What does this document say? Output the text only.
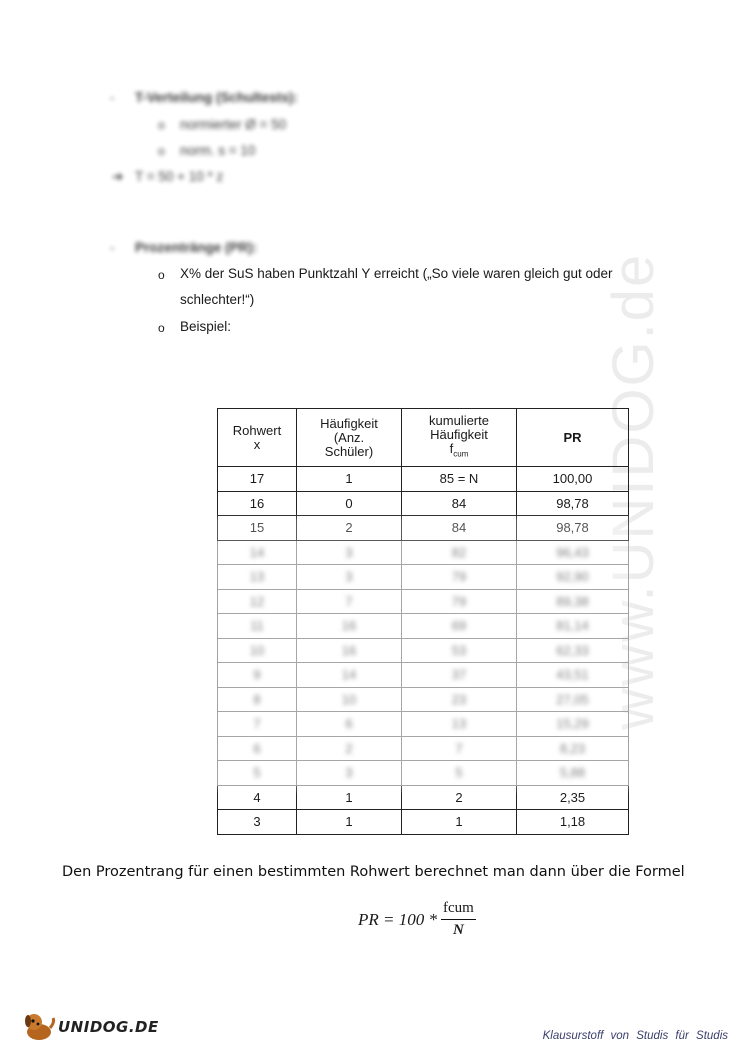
www.UNIDOG.de
- T-Verteilung (Schultests):
o normierter Ø = 50
o norm. s = 10
➔ T = 50 + 10 * z
- Prozentränge (PR):
o X% der SuS haben Punktzahl Y erreicht („So viele waren gleich gut oder
schlechter!“)
o Beispiel:
Rohwert
x	Häufigkeit
(Anz.
Schüler)	kumulierte
Häufigkeit
$f_{cum}$	PR
17	1	85 = N	100,00
16	0	84	98,78
15	2	84	98,78
14	3	82	96,43
13	3	79	92,90
12	7	79	89,38
11	16	69	81,14
10	16	53	62,33
9	14	37	43,51
8	10	23	27,05
7	6	13	15,29
6	2	7	8,23
5	3	5	5,88
4	1	2	2,35
3	1	1	1,18
Den Prozentrang für einen bestimmten Rohwert berechnet man dann über die Formel
PR = $100 * \frac{\text{fcum}}{N}$
UNIDOG.DE	Klausurstoff von Studis für Studis
